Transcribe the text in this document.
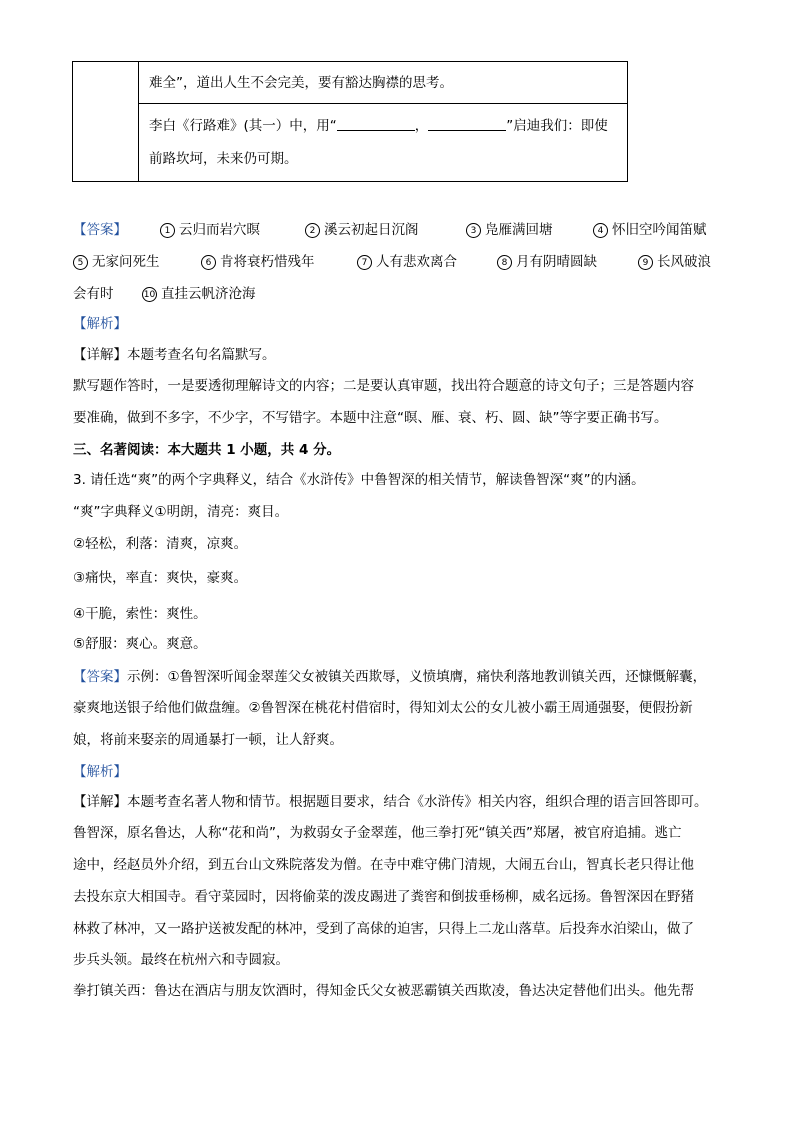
难全”，道出人生不会完美，要有豁达胸襟的思考。
李白《行路难》(其一）中，用“	，	”启迪我们：即使
前路坎坷，未来仍可期。
【答案】	1 云归而岩穴暝	2 溪云初起日沉阁	3 凫雁满回塘	4 怀旧空吟闻笛赋
5 无家问死生	6 肯将衰朽惜残年	7 人有悲欢离合	8 月有阴晴圆缺	9 长风破浪
会有时	10 直挂云帆济沧海
【解析】
【详解】本题考查名句名篇默写。
默写题作答时，一是要透彻理解诗文的内容；二是要认真审题，找出符合题意的诗文句子；三是答题内容
要准确，做到不多字，不少字，不写错字。本题中注意“暝、雁、衰、朽、圆、缺”等字要正确书写。
三、名著阅读：本大题共 1 小题，共 4 分。
3. 请任选“爽”的两个字典释义，结合《水浒传》中鲁智深的相关情节，解读鲁智深“爽”的内涵。
“爽”字典释义①明朗，清亮：爽目。
②轻松，利落：清爽，凉爽。
③痛快，率直：爽快，豪爽。
④干脆，索性：爽性。
⑤舒服：爽心。爽意。
【答案】示例：①鲁智深听闻金翠莲父女被镇关西欺辱，义愤填膺，痛快利落地教训镇关西，还慷慨解囊，
豪爽地送银子给他们做盘缠。②鲁智深在桃花村借宿时，得知刘太公的女儿被小霸王周通强娶，便假扮新
娘，将前来娶亲的周通暴打一顿，让人舒爽。
【解析】
【详解】本题考查名著人物和情节。根据题目要求，结合《水浒传》相关内容，组织合理的语言回答即可。
鲁智深，原名鲁达，人称“花和尚”，为救弱女子金翠莲，他三拳打死“镇关西”郑屠，被官府追捕。逃亡
途中，经赵员外介绍，到五台山文殊院落发为僧。在寺中难守佛门清规，大闹五台山，智真长老只得让他
去投东京大相国寺。看守菜园时，因将偷菜的泼皮踢进了粪窖和倒拔垂杨柳，威名远扬。鲁智深因在野猪
林救了林冲，又一路护送被发配的林冲，受到了高俅的迫害，只得上二龙山落草。后投奔水泊梁山，做了
步兵头领。最终在杭州六和寺圆寂。
拳打镇关西：鲁达在酒店与朋友饮酒时，得知金氏父女被恶霸镇关西欺凌，鲁达决定替他们出头。他先帮
